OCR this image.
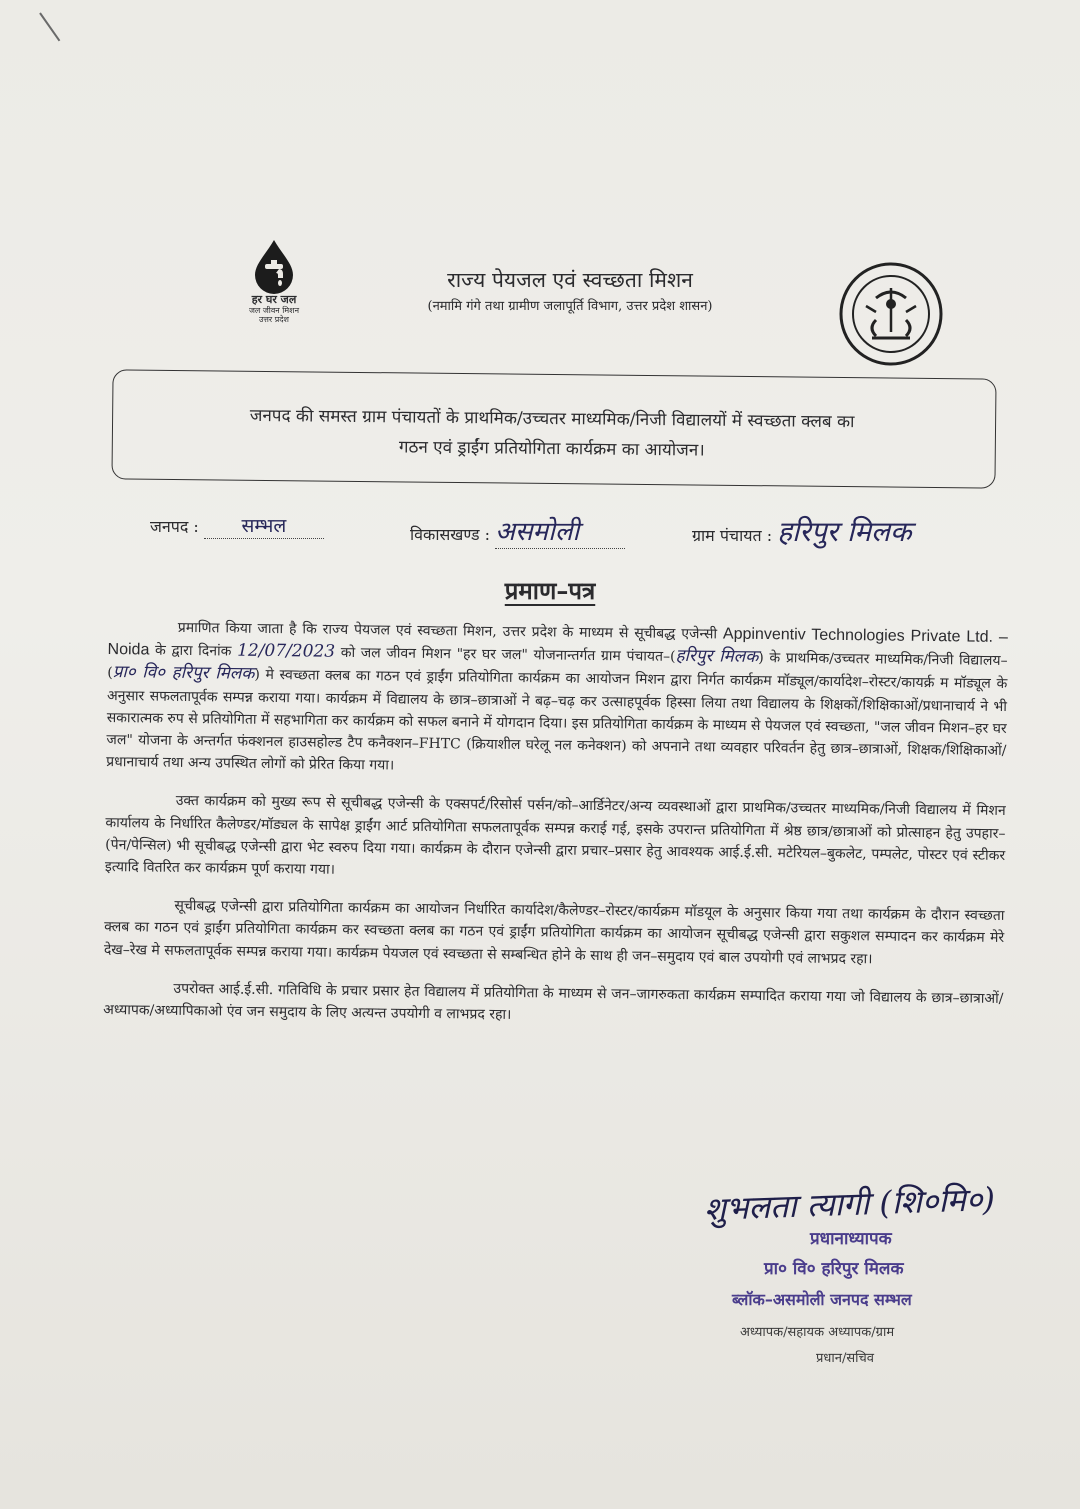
हर घर जल
जल जीवन मिशन
उत्तर प्रदेश
राज्य पेयजल एवं स्वच्छता मिशन
(नमामि गंगे तथा ग्रामीण जलापूर्ति विभाग, उत्तर प्रदेश शासन)
जनपद की समस्त ग्राम पंचायतों के प्राथमिक/उच्चतर माध्यमिक/निजी विद्यालयों में स्वच्छता क्लब का
गठन एवं ड्राईंग प्रतियोगिता कार्यक्रम का आयोजन।
जनपद : सम्भल	विकासखण्ड : असमोली	ग्राम पंचायत : हरिपुर मिलक
प्रमाण–पत्र

प्रमाणित किया जाता है कि राज्य पेयजल एवं स्वच्छता मिशन, उत्तर प्रदेश के माध्यम से सूचीबद्ध एजेन्सी Appinventiv Technologies Private Ltd. – Noida के द्वारा दिनांक 12/07/2023 को जल जीवन मिशन "हर घर जल" योजनान्तर्गत ग्राम पंचायत–(हरिपुर मिलक) के प्राथमिक/उच्चतर माध्यमिक/निजी विद्यालय–(प्रा० वि० हरिपुर मिलक) मे स्वच्छता क्लब का गठन एवं ड्राईंग प्रतियोगिता कार्यक्रम का आयोजन मिशन द्वारा निर्गत कार्यक्रम मॉड्यूल/कार्यादेश–रोस्टर/कायर्क्र म मॉड्यूल के अनुसार सफलतापूर्वक सम्पन्न कराया गया। कार्यक्रम में विद्यालय के छात्र–छात्राओं ने बढ़–चढ़ कर उत्साहपूर्वक हिस्सा लिया तथा विद्यालय के शिक्षकों/शिक्षिकाओं/प्रधानाचार्य ने भी सकारात्मक रुप से प्रतियोगिता में सहभागिता कर कार्यक्रम को सफल बनाने में योगदान दिया। इस प्रतियोगिता कार्यक्रम के माध्यम से पेयजल एवं स्वच्छता, "जल जीवन मिशन–हर घर जल" योजना के अन्तर्गत फंक्शनल हाउसहोल्ड टैप कनैक्शन–FHTC (क्रियाशील घरेलू नल कनेक्शन) को अपनाने तथा व्यवहार परिवर्तन हेतु छात्र–छात्राओं, शिक्षक/शिक्षिकाओं/प्रधानाचार्य तथा अन्य उपस्थित लोगों को प्रेरित किया गया।

उक्त कार्यक्रम को मुख्य रूप से सूचीबद्ध एजेन्सी के एक्सपर्ट/रिसोर्स पर्सन/को–आर्डिनेटर/अन्य व्यवस्थाओं द्वारा प्राथमिक/उच्चतर माध्यमिक/निजी विद्यालय में मिशन कार्यालय के निर्धारित कैलेण्डर/मॉड्यल के सापेक्ष ड्राईंग आर्ट प्रतियोगिता सफलतापूर्वक सम्पन्न कराई गई, इसके उपरान्त प्रतियोगिता में श्रेष्ठ छात्र/छात्राओं को प्रोत्साहन हेतु उपहार–(पेन/पेन्सिल) भी सूचीबद्ध एजेन्सी द्वारा भेट स्वरुप दिया गया। कार्यक्रम के दौरान एजेन्सी द्वारा प्रचार–प्रसार हेतु आवश्यक आई.ई.सी. मटेरियल–बुकलेट, पम्पलेट, पोस्टर एवं स्टीकर इत्यादि वितरित कर कार्यक्रम पूर्ण कराया गया।

सूचीबद्ध एजेन्सी द्वारा प्रतियोगिता कार्यक्रम का आयोजन निर्धारित कार्यादेश/कैलेण्डर–रोस्टर/कार्यक्रम मॉडयूल के अनुसार किया गया तथा कार्यक्रम के दौरान स्वच्छता क्लब का गठन एवं ड्राईंग प्रतियोगिता कार्यक्रम कर स्वच्छता क्लब का गठन एवं ड्राईंग प्रतियोगिता कार्यक्रम का आयोजन सूचीबद्ध एजेन्सी द्वारा सकुशल सम्पादन कर कार्यक्रम मेरे देख–रेख मे सफलतापूर्वक सम्पन्न कराया गया। कार्यक्रम पेयजल एवं स्वच्छता से सम्बन्धित होने के साथ ही जन–समुदाय एवं बाल उपयोगी एवं लाभप्रद रहा।

उपरोक्त आई.ई.सी. गतिविधि के प्रचार प्रसार हेत विद्यालय में प्रतियोगिता के माध्यम से जन–जागरुकता कार्यक्रम सम्पादित कराया गया जो विद्यालय के छात्र–छात्राओं/अध्यापक/अध्यापिकाओ एंव जन समुदाय के लिए अत्यन्त उपयोगी व लाभप्रद रहा।

शुभलता त्यागी (शि०मि०)
प्रधानाध्यापक
प्रा० वि० हरिपुर मिलक
ब्लॉक–असमोली जनपद सम्भल
अध्यापक/सहायक अध्यापक/ग्राम
प्रधान/सचिव
